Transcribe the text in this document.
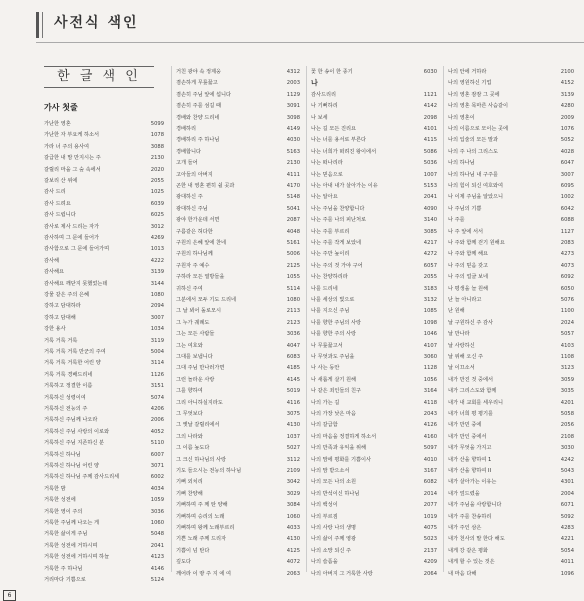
사전식 색인
한 글 색 인
가사 첫줄
가난한 영혼	5099
가난한 자 부요케 하소서	1078
가라 너 주의 용사여	3088
갈급한 내 맘 만지시는 주	2130
갈릴리 마을 그 숲 속에서	2020
갈보리 산 위에	2055
감사 드리	1025
감사 드려요	6039
감사 드립니다	6025
감사로 제사 드리는 자가	3012
감사하며 그 문에 들어가	4269
감사함으로 그 문에 들어가며	1013
감사해	4222
감사해요	3139
감사해요 깨닫지 못했었는데	3144
강물 같은 주의 은혜	1080
강하고 담대하라	2094
강하고 담대해	3007
강한 용사	1034
거룩 거룩 거룩	3119
거룩 거룩 거룩 만군의 주여	5004
거룩 거룩 거룩한 어린 양	3114
거룩 거룩 경배드리네	1126
거룩하고 정결한 이름	3151
거룩하신 성령이여	5074
거룩하신 전능의 주	4206
거룩하신 주님께 나오라	2006
거룩하신 주님 사랑의 이로와	4052
거룩하신 주님 지존하신 분	5110
거룩하신 하나님	6007
거룩하신 하나님 어린 양	3071
거룩하신 하나님 주께 감사드리세	6002
거룩한 밤	4034
거룩한 성전에	1059
거룩한 영이 주의	3036
거룩한 주님께 나오는 게	1060
거룩한 삶이게 주님	5048
거룩한 성전에 거하시며	2041
거룩한 성전에 거하시며 하늘	4123
거룩한 주 하나님	4146
거리마다 기쁨으로	5124
거친 광야 속 정제웅	4312
겸손하게 무릎꿇고	2003
겸손히 주님 앞에 섭니다	1129
겸손히 주를 섬길 때	3091
경배와 찬양 드리네	3098
경배하리	4149
경배하리 주 하나님	4030
경배합니다	5163
고개 들어	2130
고아들의 아버지	4111
곤한 내 영혼 편히 쉴 곳과	4170
광대하신 주	5148
광대하신 주님	5041
광야 한가운데 서면	2087
구름같은 허다한	4048
구원의 은혜 앞에 찬네	5161
구원의 하나님께	5006
구원자 주 예수	2125
구하라 모든 열방들을	1055
귀하신 주여	5114
그분에서 모두 기도 드리네	1080
그 날 뵈어 돌로모시	2113
그 누가 궤례도	2123
그는 모든 사람들	3036
그는 여호와	4047
그대를 보냅니다	6083
그대 주님 만나러가면	4185
그런 놀라운 사랑	4145
그를 향하여	5019
그리 아니하실지라도	4116
그 무엇보다	3075
그 옛날 갈릴리에서	4130
그의 나라와	1037
그 이름 높도다	5027
그 크신 하나님의 사랑	3112
기도 들으시는 전능의 하나님	2109
기뻐 외치리	3042
기뻐 찬양해	3029
기뻐하며 주 께 탄 양해	3084
기뻐하며 승리의 노래	1060
기뻐하며 왕께 노래부르리	4033
기쁜 노래 주께 드리자	4130
기쁨이 넘 탄다	4125
깊도다	4072
깨어라 이 땅 주 지 에 여	2063
꽃 한 송이 한 종기	6030
나
감사드리리	1121
나 기뻐하리	4142
나 보세	2098
나는 길 모든 진리요	4101
나는 너를 용서로 부른다	4115
나는 너희가 떠려진 왕이에서	5086
나는 떠나리라	5036
나는 믿음으로	1007
나는 아내 내가 살아가는 이유	5153
나는 알아요	2041
나는 주님을 찬양합니다	4090
나는 주를 나의 피난처로	3140
나는 주를 부르리	3085
나는 주를 작게 보았네	4217
나는 주만 높이리	4272
나는 주의 것 가야 구어	6057
나는 찬양하리라	2055
나를 드리네	3183
나를 세상의 빛으로	3132
나를 지으신 주님	1085
나를 향한 주님의 사랑	1098
나를 향한 주의 사랑	1046
나 무릎꿇고서	4107
나 무엇과도 주님을	3060
나 사는 동안	1128
나 새롭게 살기 원해	1056
나 같은 죄인들의 친구	3164
나의 가는 길	4118
나의 가장 낮은 마음	2043
나의 갈급함	4126
나의 마음을 정결하게 하소서	4160
나의 만족과 유익을 위해	5097
나의 맘에 평화를 기쁨이사	4010
나의 맘 받으소서	3167
나의 모든 나의 소원	6082
나의 반석이신 하나님	2014
나의 백성이	2077
나의 부르짐	1019
나의 사랑 나의 생명	4075
나의 삶이 주께 영광	5023
나의 소망 되신 주	2137
나의 슬픔을	4209
나의 아버지 그 거룩한 사랑	2064
나의 안에 거하라	2100
나의 영원하신 기업	4152
나의 영혼 잠잠 그 곳에	3139
나의 영혼 목마른 사슴같이	4280
나의 영혼이	2009
나의 이름으로 모이는 곳에	1076
나의 입술의 모든 말과	5052
나의 주 나의 그리스도	4028
나의 하나님	6047
나의 하나님 내 구주를	3007
나의 힘이 되신 여호와여	6095
나 이제 주님을 알았으니	1002
나 주님의 기쁨	6042
나 주를	6088
나 주 앞에 서서	1127
나 주와 함께 걷기 원해요	2083
나 주와 함께 해요	4273
나 주의 믿음 갖고	4073
나 주의 얼굴 보네	6092
나 평생을 늘 원해	6050
난 늘 아니라고	5076
난 원해	1100
날 구원하신 주 감사	2024
날 만나라	5057
날 사랑하신	4103
날 위해 오신 주	1108
날 이끄소서	3123
내가 만진 것 중에서	3059
내가 그리스도와 함께	3035
내가 내 교회를 세우리니	4201
내가 너희 평 평기를	5058
내가 만민 중에	2056
내가 만인 중에서	2108
내가 무엇을 가지고	3030
내가 산을 향하여 1	4242
내가 산을 향하여 II	5043
내가 살아가는 이유는	4301
내가 엎드렸을	2004
내가 주님을 사랑합니다	6071
내가 주를 찬송하리	5092
내가 주인 삼은	4283
내가 천사의 말 한다 해도	4221
내게 강 같은 평화	5054
내게 할 수 있는 것은	4011
내 마음 다해	1096
6
